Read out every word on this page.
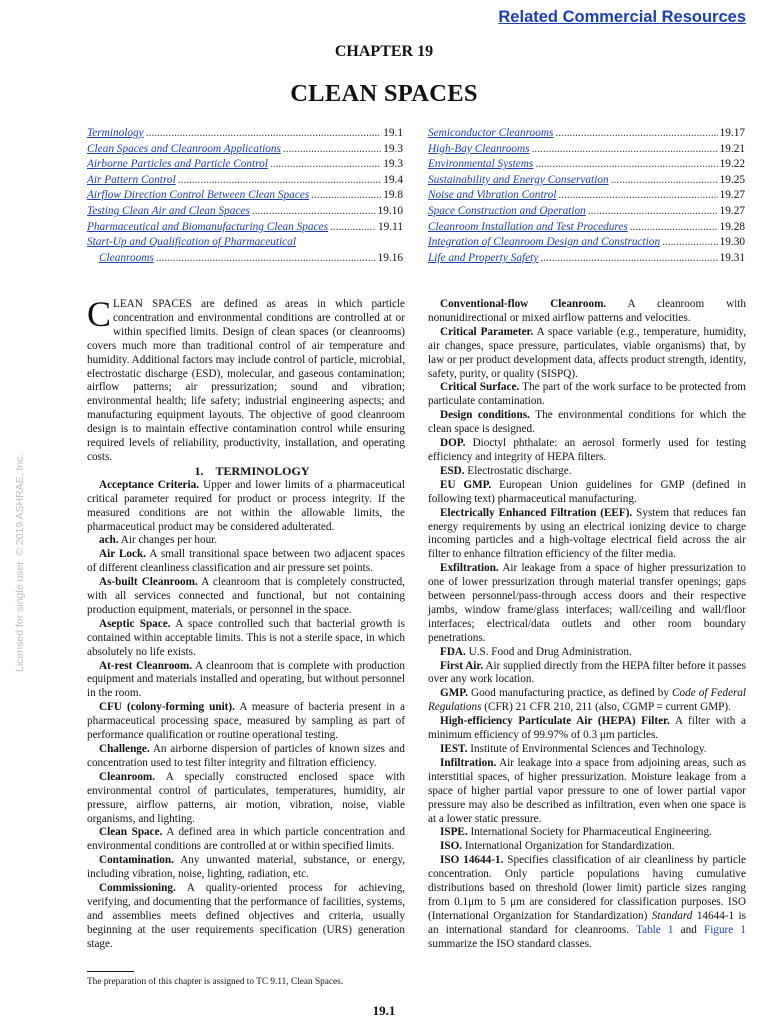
Related Commercial Resources
CHAPTER 19
CLEAN SPACES
Terminology .....	19.1
Clean Spaces and Cleanroom Applications .....	19.3
Airborne Particles and Particle Control .....	19.3
Air Pattern Control .....	19.4
Airflow Direction Control Between Clean Spaces .....	19.8
Testing Clean Air and Clean Spaces .....	19.10
Pharmaceutical and Biomanufacturing Clean Spaces .....	19.11
Start-Up and Qualification of Pharmaceutical
Cleanrooms .....	19.16
Semiconductor Cleanrooms .....	19.17
High-Bay Cleanrooms .....	19.21
Environmental Systems .....	19.22
Sustainability and Energy Conservation .....	19.25
Noise and Vibration Control .....	19.27
Space Construction and Operation .....	19.27
Cleanroom Installation and Test Procedures .....	19.28
Integration of Cleanroom Design and Construction .....	19.30
Life and Property Safety .....	19.31

CLEAN SPACES are defined as areas in which particle concentration and environmental conditions are controlled at or within specified limits. Design of clean spaces (or cleanrooms) covers much more than traditional control of air temperature and humidity. Additional factors may include control of particle, microbial, electrostatic discharge (ESD), molecular, and gaseous contamination; airflow patterns; air pressurization; sound and vibration; environmental health; life safety; industrial engineering aspects; and manufacturing equipment layouts. The objective of good cleanroom design is to maintain effective contamination control while ensuring required levels of reliability, productivity, installation, and operating costs.

1. TERMINOLOGY

Acceptance Criteria. Upper and lower limits of a pharmaceutical critical parameter required for product or process integrity. If the measured conditions are not within the allowable limits, the pharmaceutical product may be considered adulterated.

ach. Air changes per hour.

Air Lock. A small transitional space between two adjacent spaces of different cleanliness classification and air pressure set points.

As-built Cleanroom. A cleanroom that is completely constructed, with all services connected and functional, but not containing production equipment, materials, or personnel in the space.

Aseptic Space. A space controlled such that bacterial growth is contained within acceptable limits. This is not a sterile space, in which absolutely no life exists.

At-rest Cleanroom. A cleanroom that is complete with production equipment and materials installed and operating, but without personnel in the room.

CFU (colony-forming unit). A measure of bacteria present in a pharmaceutical processing space, measured by sampling as part of performance qualification or routine operational testing.

Challenge. An airborne dispersion of particles of known sizes and concentration used to test filter integrity and filtration efficiency.

Cleanroom. A specially constructed enclosed space with environmental control of particulates, temperatures, humidity, air pressure, airflow patterns, air motion, vibration, noise, viable organisms, and lighting.

Clean Space. A defined area in which particle concentration and environmental conditions are controlled at or within specified limits.

Contamination. Any unwanted material, substance, or energy, including vibration, noise, lighting, radiation, etc.

Commissioning. A quality-oriented process for achieving, verifying, and documenting that the performance of facilities, systems, and assemblies meets defined objectives and criteria, usually beginning at the user requirements specification (URS) generation stage.

Conventional-flow Cleanroom. A cleanroom with nonunidirectional or mixed airflow patterns and velocities.

Critical Parameter. A space variable (e.g., temperature, humidity, air changes, space pressure, particulates, viable organisms) that, by law or per product development data, affects product strength, identity, safety, purity, or quality (SISPQ).

Critical Surface. The part of the work surface to be protected from particulate contamination.

Design conditions. The environmental conditions for which the clean space is designed.

DOP. Dioctyl phthalate: an aerosol formerly used for testing efficiency and integrity of HEPA filters.

ESD. Electrostatic discharge.

EU GMP. European Union guidelines for GMP (defined in following text) pharmaceutical manufacturing.

Electrically Enhanced Filtration (EEF). System that reduces fan energy requirements by using an electrical ionizing device to charge incoming particles and a high-voltage electrical field across the air filter to enhance filtration efficiency of the filter media.

Exfiltration. Air leakage from a space of higher pressurization to one of lower pressurization through material transfer openings; gaps between personnel/pass-through access doors and their respective jambs, window frame/glass interfaces; wall/ceiling and wall/floor interfaces; electrical/data outlets and other room boundary penetrations.

FDA. U.S. Food and Drug Administration.

First Air. Air supplied directly from the HEPA filter before it passes over any work location.

GMP. Good manufacturing practice, as defined by Code of Federal Regulations (CFR) 21 CFR 210, 211 (also, CGMP = current GMP).

High-efficiency Particulate Air (HEPA) Filter. A filter with a minimum efficiency of 99.97% of 0.3 μm particles.

IEST. Institute of Environmental Sciences and Technology.

Infiltration. Air leakage into a space from adjoining areas, such as interstitial spaces, of higher pressurization. Moisture leakage from a space of higher partial vapor pressure to one of lower partial vapor pressure may also be described as infiltration, even when one space is at a lower static pressure.

ISPE. International Society for Pharmaceutical Engineering.

ISO. International Organization for Standardization.

ISO 14644-1. Specifies classification of air cleanliness by particle concentration. Only particle populations having cumulative distributions based on threshold (lower limit) particle sizes ranging from 0.1μm to 5 μm are considered for classification purposes. ISO (International Organization for Standardization) Standard 14644-1 is an international standard for cleanrooms. Table 1 and Figure 1 summarize the ISO standard classes.

The preparation of this chapter is assigned to TC 9.11, Clean Spaces.
19.1
Licensed for single user. © 2019 ASHRAE, Inc.
